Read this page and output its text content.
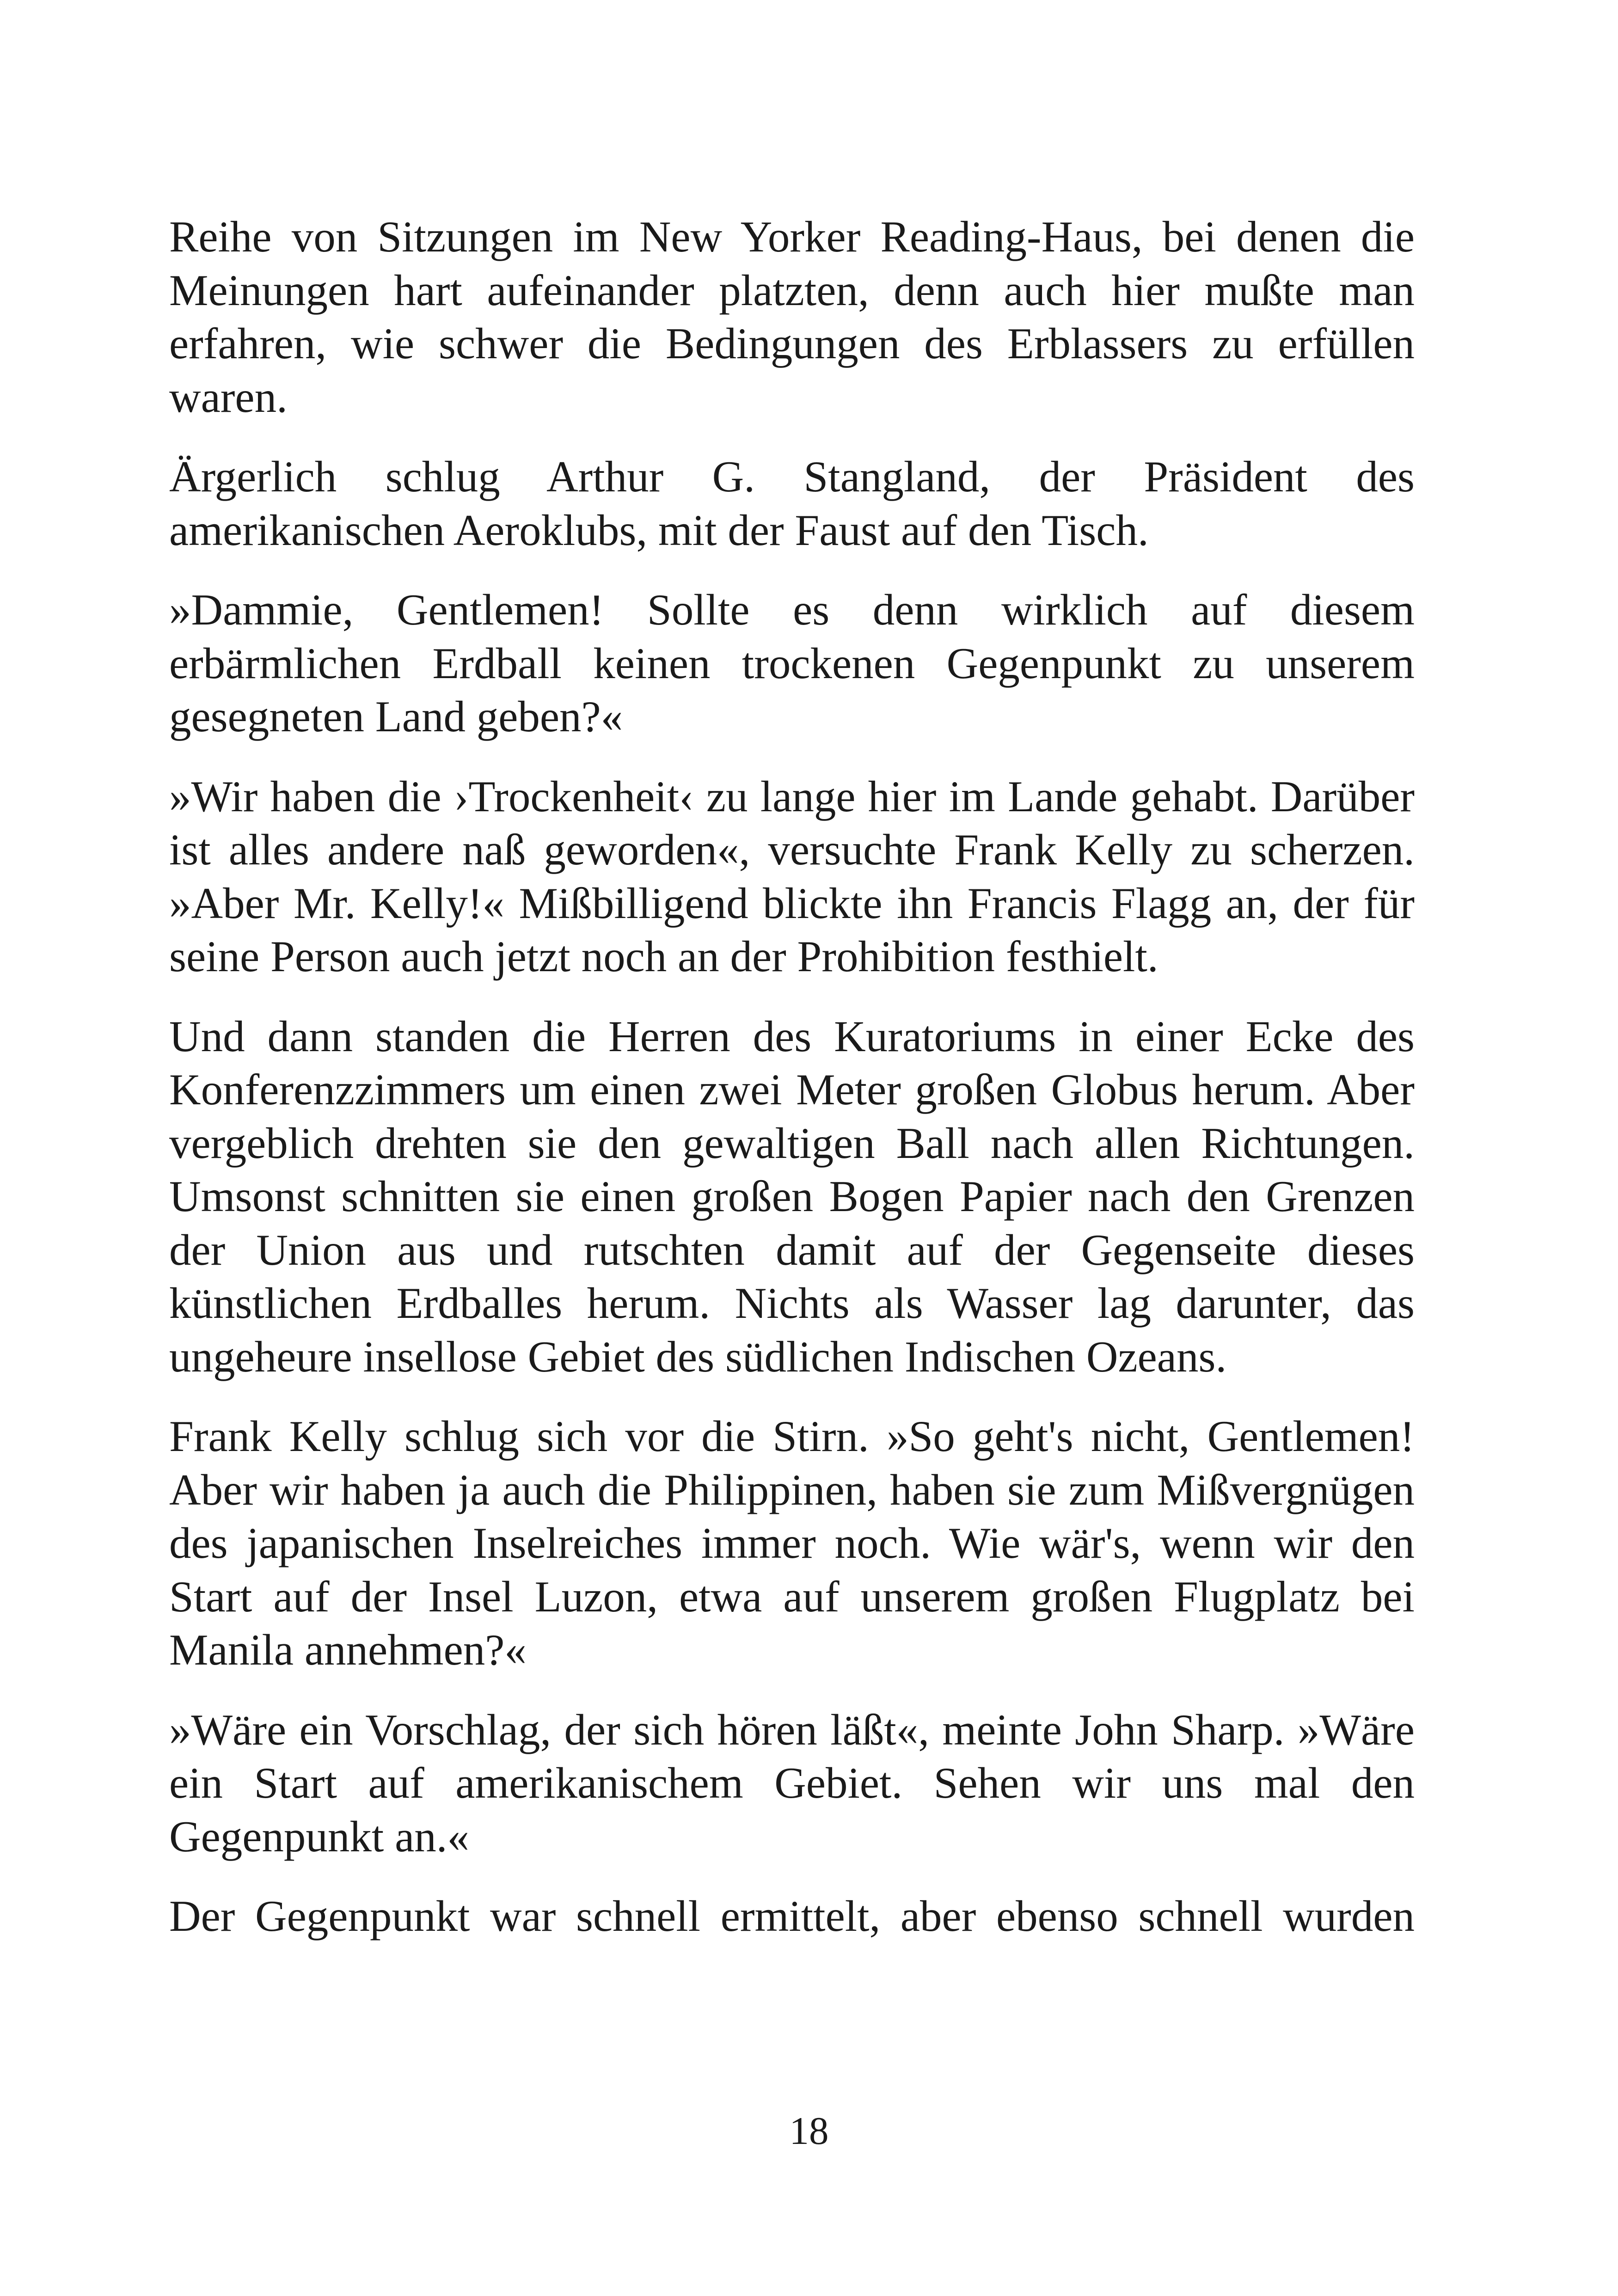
Reihe von Sitzungen im New Yorker Reading-Haus, bei denen die Meinungen hart aufeinander platzten, denn auch hier mußte man erfahren, wie schwer die Bedingungen des Erblassers zu erfüllen waren.

Ärgerlich schlug Arthur G. Stangland, der Präsident des amerikanischen Aeroklubs, mit der Faust auf den Tisch.

»Dammie, Gentlemen! Sollte es denn wirklich auf diesem erbärmlichen Erdball keinen trockenen Gegenpunkt zu unserem gesegneten Land geben?«

»Wir haben die ›Trockenheit‹ zu lange hier im Lande gehabt. Darüber ist alles andere naß geworden«, versuchte Frank Kelly zu scherzen. »Aber Mr. Kelly!« Mißbilligend blickte ihn Francis Flagg an, der für seine Person auch jetzt noch an der Prohibition festhielt.

Und dann standen die Herren des Kuratoriums in einer Ecke des Konferenzzimmers um einen zwei Meter großen Globus herum. Aber vergeblich drehten sie den gewaltigen Ball nach allen Richtungen. Umsonst schnitten sie einen großen Bogen Papier nach den Grenzen der Union aus und rutschten damit auf der Gegenseite dieses künstlichen Erdballes herum. Nichts als Wasser lag darunter, das ungeheure insellose Gebiet des südlichen Indischen Ozeans.

Frank Kelly schlug sich vor die Stirn. »So geht's nicht, Gentlemen! Aber wir haben ja auch die Philippinen, haben sie zum Mißvergnügen des japanischen Inselreiches immer noch. Wie wär's, wenn wir den Start auf der Insel Luzon, etwa auf unserem großen Flugplatz bei Manila annehmen?«

»Wäre ein Vorschlag, der sich hören läßt«, meinte John Sharp. »Wäre ein Start auf amerikanischem Gebiet. Sehen wir uns mal den Gegenpunkt an.«

Der Gegenpunkt war schnell ermittelt, aber ebenso schnell wurden

18
